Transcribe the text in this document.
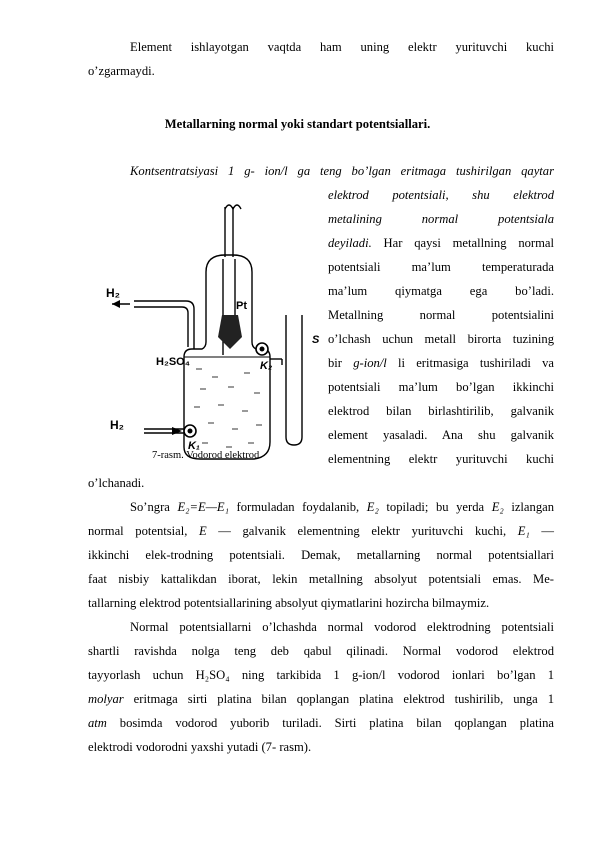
Element ishlayotgan vaqtda ham uning elektr yurituvchi kuchi
o’zgarmaydi.
Metallarning normal yoki standart potentsiallari.
Kontsentratsiyasi 1 g- ion/l ga teng bo’lgan eritmaga tushirilgan qaytar
elektrod potentsiali, shu elektrod
metalining normal potentsiala
deyiladi. Har qaysi metallning normal
potentsiali ma’lum temperaturada
ma’lum qiymatga ega bo’ladi.
Metallning normal potentsialini
o’lchash uchun metall birorta tuzining
bir g-ion/l li eritmasiga tushiriladi va
potentsiali ma’lum bo’lgan ikkinchi
elektrod bilan birlashtirilib, galvanik
element yasaladi. Ana shu galvanik
elementning elektr yurituvchi kuchi
o’lchanadi.
H₂
H₂SO₄
H₂
Pt
S
K₂
K₁
7-rasm. Vodorod elektrod.
So’ngra E₂=E—E₁ formuladan foydalanib, E₂ topiladi; bu yerda E₂ izlangan
normal potentsial, E — galvanik elementning elektr yurituvchi kuchi, E₁ —
ikkinchi elek-trodning potentsiali. Demak, metallarning normal potentsiallari
faat nisbiy kattalikdan iborat, lekin metallning absolyut potentsiali emas. Me-
tallarning elektrod potentsiallarining absolyut qiymatlarini hozircha bilmaymiz.
Normal potentsiallarni o’lchashda normal vodorod elektrodning potentsiali
shartli ravishda nolga teng deb qabul qilinadi. Normal vodorod elektrod
tayyorlash uchun H₂SO₄ ning tarkibida 1 g-ion/l vodorod ionlari bo’lgan 1
molyar eritmaga sirti platina bilan qoplangan platina elektrod tushirilib, unga 1
atm bosimda vodorod yuborib turiladi. Sirti platina bilan qoplangan platina
elektrodi vodorodni yaxshi yutadi (7- rasm).
